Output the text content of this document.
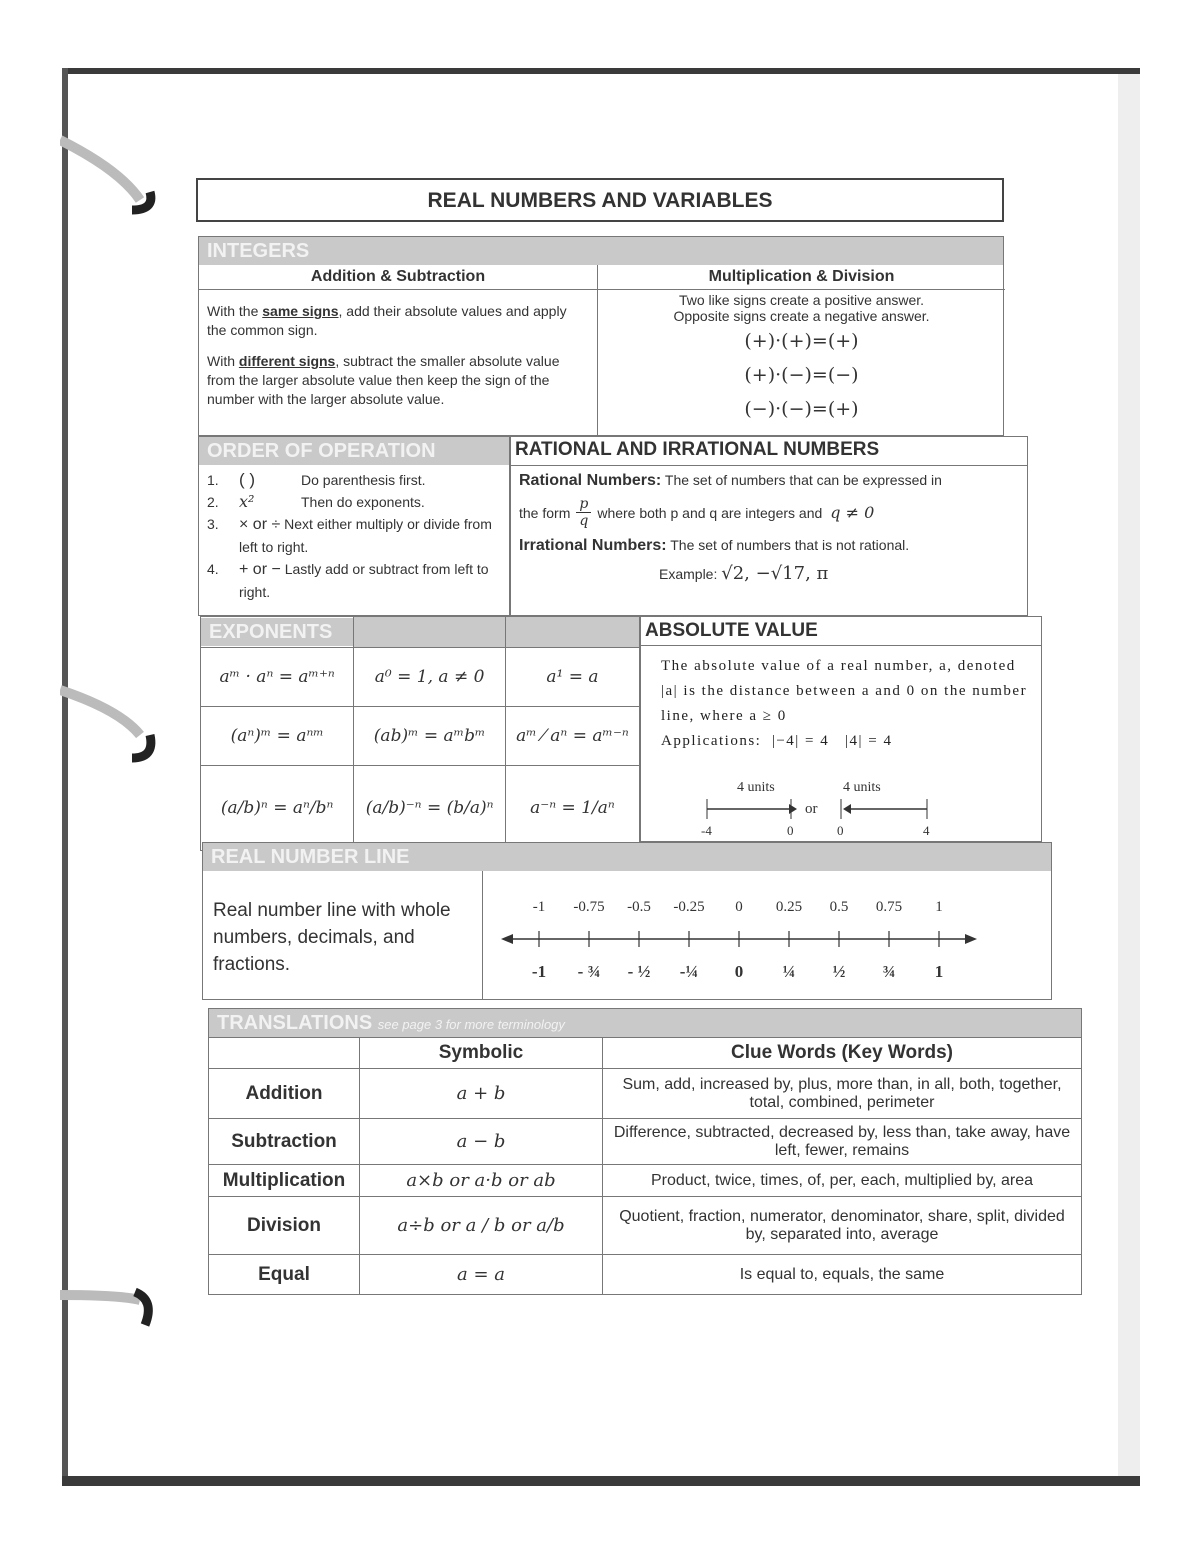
REAL NUMBERS AND VARIABLES
INTEGERS
Addition & Subtraction

With the same signs, add their absolute values and apply the common sign.

With different signs, subtract the smaller absolute value from the larger absolute value then keep the sign of the number with the larger absolute value.

Multiplication & Division
Two like signs create a positive answer.
Opposite signs create a negative answer.
(+)·(+)=(+)
(+)·(−)=(−)
(−)·(−)=(+)
ORDER OF OPERATION
1.	( )	Do parenthesis first.
2.	x²	Then do exponents.
3.	× or ÷ Next either multiply or divide from left to right.
4.	+ or − Lastly add or subtract from left to right.
RATIONAL AND IRRATIONAL NUMBERS
Rational Numbers: The set of numbers that can be expressed in
the form $\frac{p}{q}$ where both p and q are integers and q ≠ 0
Irrational Numbers: The set of numbers that is not rational.
Example: √2, −√17, π
EXPONENTS		

aᵐ · aⁿ = aᵐ⁺ⁿ	a⁰ = 1, a ≠ 0	a¹ = a
(aⁿ)ᵐ = aⁿᵐ	(ab)ᵐ = aᵐbᵐ	aᵐ ⁄ aⁿ = aᵐ⁻ⁿ
(a/b)ⁿ = aⁿ/bⁿ	(a/b)⁻ⁿ = (b/a)ⁿ	a⁻ⁿ = 1/aⁿ
ABSOLUTE VALUE
The absolute value of a real number, a, denoted |a| is the distance between a and 0 on the number line, where a ≥ 0
Applications: |−4| = 4 |4| = 4
4 units
-4	0
or
4 units
0	4
REAL NUMBER LINE
Real number line with whole numbers, decimals, and fractions.
-1
-1
-0.75
- ¾
-0.5
- ½
-0.25
-¼
0
0
0.25
¼
0.5
½
0.75
¾
1
1
TRANSLATIONS see page 3 for more terminology
	Symbolic	Clue Words (Key Words)
Addition	a + b	Sum, add, increased by, plus, more than, in all, both, together, total, combined, perimeter
Subtraction	a − b	Difference, subtracted, decreased by, less than, take away, have left, fewer, remains
Multiplication	a×b or a·b or ab	Product, twice, times, of, per, each, multiplied by, area
Division	a÷b or a / b or a/b	Quotient, fraction, numerator, denominator, share, split, divided by, separated into, average
Equal	a = a	Is equal to, equals, the same
